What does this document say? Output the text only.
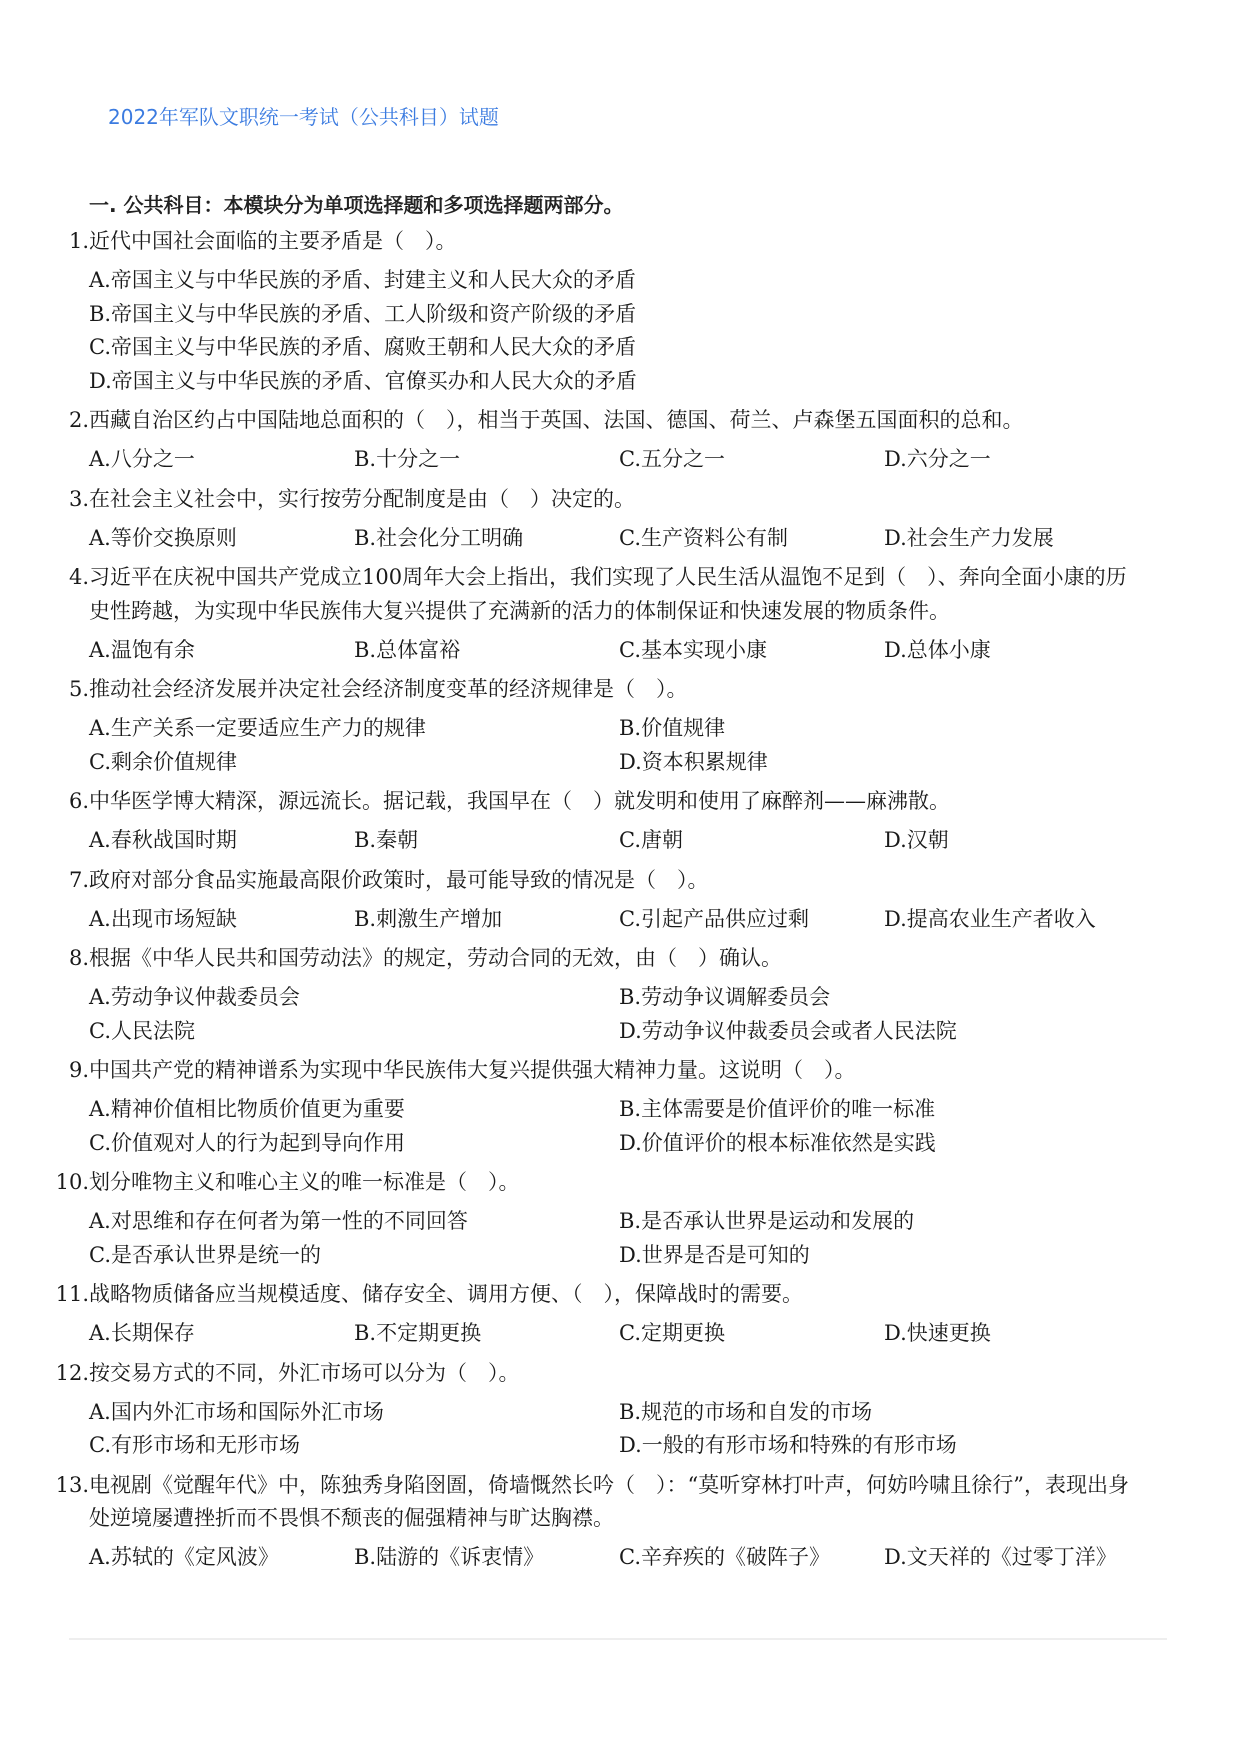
2022年军队文职统一考试（公共科目）试题
一. 公共科目：本模块分为单项选择题和多项选择题两部分。
1. 近代中国社会面临的主要矛盾是（　）。
A.帝国主义与中华民族的矛盾、封建主义和人民大众的矛盾
B.帝国主义与中华民族的矛盾、工人阶级和资产阶级的矛盾
C.帝国主义与中华民族的矛盾、腐败王朝和人民大众的矛盾
D.帝国主义与中华民族的矛盾、官僚买办和人民大众的矛盾
2. 西藏自治区约占中国陆地总面积的（　），相当于英国、法国、德国、荷兰、卢森堡五国面积的总和。
A.八分之一	B.十分之一	C.五分之一	D.六分之一
3. 在社会主义社会中，实行按劳分配制度是由（　）决定的。
A.等价交换原则	B.社会化分工明确	C.生产资料公有制	D.社会生产力发展
4. 习近平在庆祝中国共产党成立100周年大会上指出，我们实现了人民生活从温饱不足到（　）、奔向全面小康的历史性跨越，为实现中华民族伟大复兴提供了充满新的活力的体制保证和快速发展的物质条件。
A.温饱有余	B.总体富裕	C.基本实现小康	D.总体小康
5. 推动社会经济发展并决定社会经济制度变革的经济规律是（　）。
A.生产关系一定要适应生产力的规律	B.价值规律
C.剩余价值规律	D.资本积累规律
6. 中华医学博大精深，源远流长。据记载，我国早在（　）就发明和使用了麻醉剂——麻沸散。
A.春秋战国时期	B.秦朝	C.唐朝	D.汉朝
7. 政府对部分食品实施最高限价政策时，最可能导致的情况是（　）。
A.出现市场短缺	B.刺激生产增加	C.引起产品供应过剩	D.提高农业生产者收入
8. 根据《中华人民共和国劳动法》的规定，劳动合同的无效，由（　）确认。
A.劳动争议仲裁委员会	B.劳动争议调解委员会
C.人民法院	D.劳动争议仲裁委员会或者人民法院
9. 中国共产党的精神谱系为实现中华民族伟大复兴提供强大精神力量。这说明（　）。
A.精神价值相比物质价值更为重要	B.主体需要是价值评价的唯一标准
C.价值观对人的行为起到导向作用	D.价值评价的根本标准依然是实践
10. 划分唯物主义和唯心主义的唯一标准是（　）。
A.对思维和存在何者为第一性的不同回答	B.是否承认世界是运动和发展的
C.是否承认世界是统一的	D.世界是否是可知的
11. 战略物质储备应当规模适度、储存安全、调用方便、（　），保障战时的需要。
A.长期保存	B.不定期更换	C.定期更换	D.快速更换
12. 按交易方式的不同，外汇市场可以分为（　）。
A.国内外汇市场和国际外汇市场	B.规范的市场和自发的市场
C.有形市场和无形市场	D.一般的有形市场和特殊的有形市场
13. 电视剧《觉醒年代》中，陈独秀身陷囹圄，倚墙慨然长吟（　）：“莫听穿林打叶声，何妨吟啸且徐行”，表现出身处逆境屡遭挫折而不畏惧不颓丧的倔强精神与旷达胸襟。
A.苏轼的《定风波》	B.陆游的《诉衷情》	C.辛弃疾的《破阵子》	D.文天祥的《过零丁洋》
